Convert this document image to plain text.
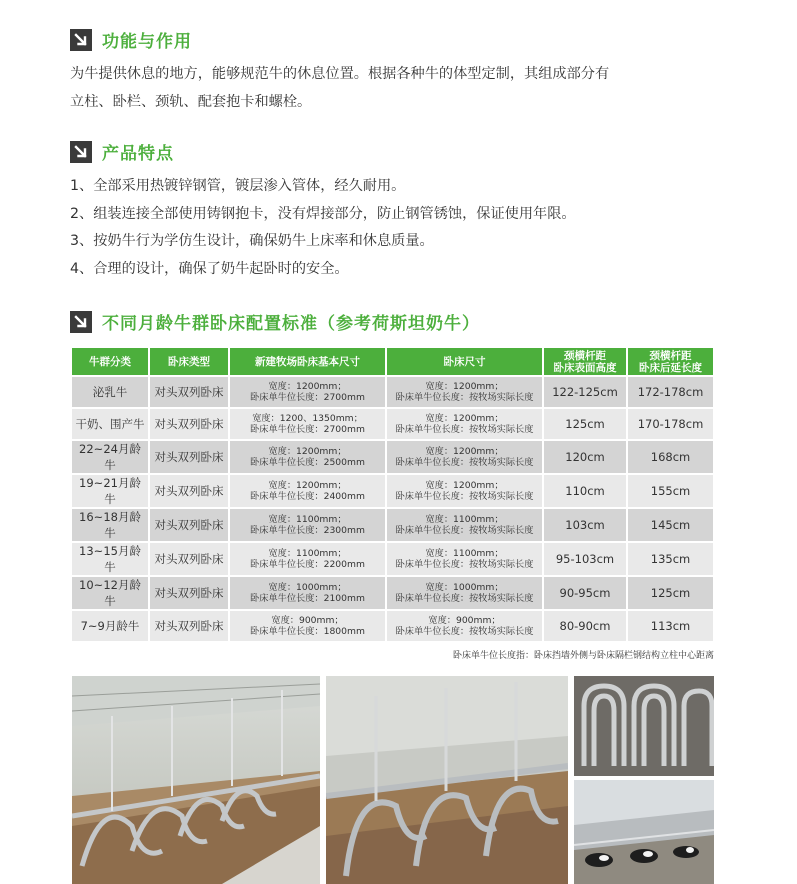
功能与作用

为牛提供休息的地方，能够规范牛的休息位置。根据各种牛的体型定制，其组成部分有

立柱、卧栏、颈轨、配套抱卡和螺栓。

产品特点

1、全部采用热镀锌钢管，镀层渗入管体，经久耐用。

2、组装连接全部使用铸钢抱卡，没有焊接部分，防止钢管锈蚀，保证使用年限。

3、按奶牛行为学仿生设计，确保奶牛上床率和休息质量。

4、合理的设计，确保了奶牛起卧时的安全。

不同月龄牛群卧床配置标准（参考荷斯坦奶牛）
牛群分类	卧床类型	新建牧场卧床基本尺寸	卧床尺寸	颈横杆距
卧床表面高度	颈横杆距
卧床后延长度
泌乳牛	对头双列卧床	宽度：1200mm；
卧床单牛位长度：2700mm	宽度：1200mm；
卧床单牛位长度：按牧场实际长度	122-125cm	172-178cm
干奶、围产牛	对头双列卧床	宽度：1200、1350mm；
卧床单牛位长度：2700mm	宽度：1200mm；
卧床单牛位长度：按牧场实际长度	125cm	170-178cm
22~24月龄牛	对头双列卧床	宽度：1200mm；
卧床单牛位长度：2500mm	宽度：1200mm；
卧床单牛位长度：按牧场实际长度	120cm	168cm
19~21月龄牛	对头双列卧床	宽度：1200mm；
卧床单牛位长度：2400mm	宽度：1200mm；
卧床单牛位长度：按牧场实际长度	110cm	155cm
16~18月龄牛	对头双列卧床	宽度：1100mm；
卧床单牛位长度：2300mm	宽度：1100mm；
卧床单牛位长度：按牧场实际长度	103cm	145cm
13~15月龄牛	对头双列卧床	宽度：1100mm；
卧床单牛位长度：2200mm	宽度：1100mm；
卧床单牛位长度：按牧场实际长度	95-103cm	135cm
10~12月龄牛	对头双列卧床	宽度：1000mm；
卧床单牛位长度：2100mm	宽度：1000mm；
卧床单牛位长度：按牧场实际长度	90-95cm	125cm
7~9月龄牛	对头双列卧床	宽度：900mm；
卧床单牛位长度：1800mm	宽度：900mm；
卧床单牛位长度：按牧场实际长度	80-90cm	113cm
卧床单牛位长度指：卧床挡墙外侧与卧床隔栏钢结构立柱中心距离
